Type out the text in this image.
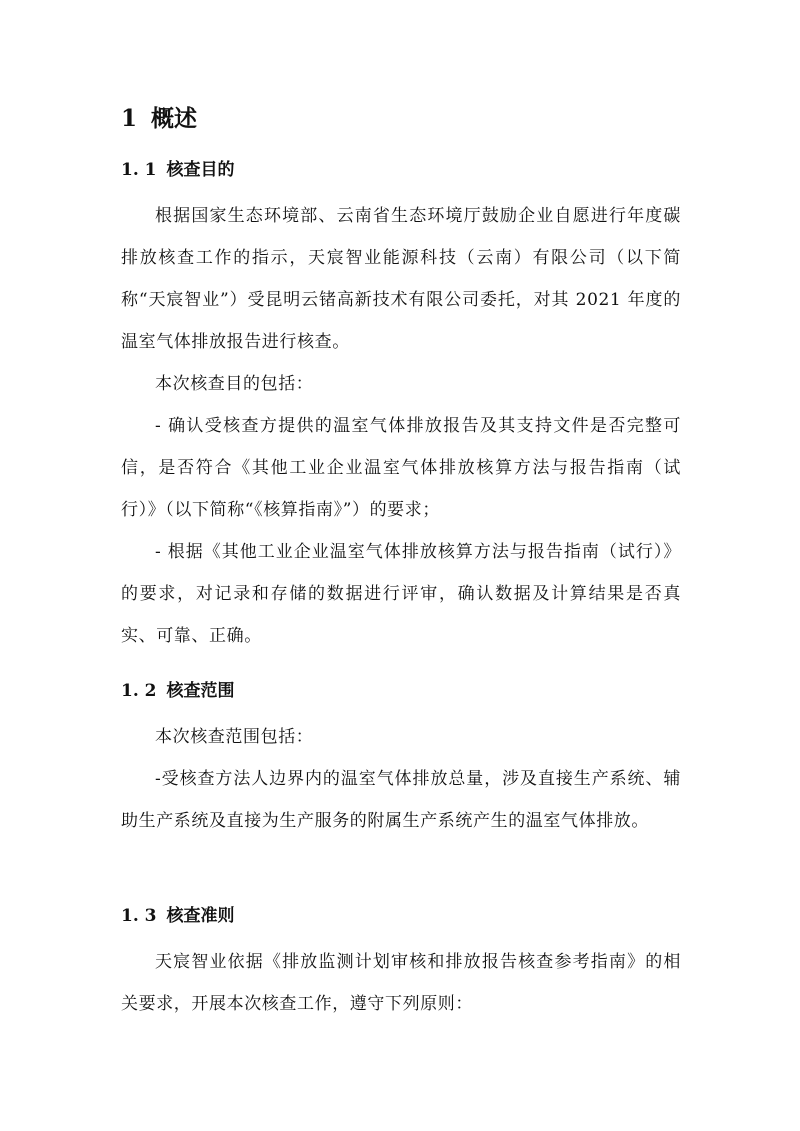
1 概述
1. 1 核查目的

根据国家生态环境部、云南省生态环境厅鼓励企业自愿进行年度碳排放核查工作的指示，天宸智业能源科技（云南）有限公司（以下简称“天宸智业”）受昆明云锗高新技术有限公司委托，对其 2021 年度的温室气体排放报告进行核查。

本次核查目的包括：

- 确认受核查方提供的温室气体排放报告及其支持文件是否完整可信，是否符合《其他工业企业温室气体排放核算方法与报告指南（试行）》（以下简称“《核算指南》”）的要求；

- 根据《其他工业企业温室气体排放核算方法与报告指南（试行）》的要求，对记录和存储的数据进行评审，确认数据及计算结果是否真实、可靠、正确。

1. 2 核查范围

本次核查范围包括：

-受核查方法人边界内的温室气体排放总量，涉及直接生产系统、辅助生产系统及直接为生产服务的附属生产系统产生的温室气体排放。

1. 3 核查准则

天宸智业依据《排放监测计划审核和排放报告核查参考指南》的相关要求，开展本次核查工作，遵守下列原则：
